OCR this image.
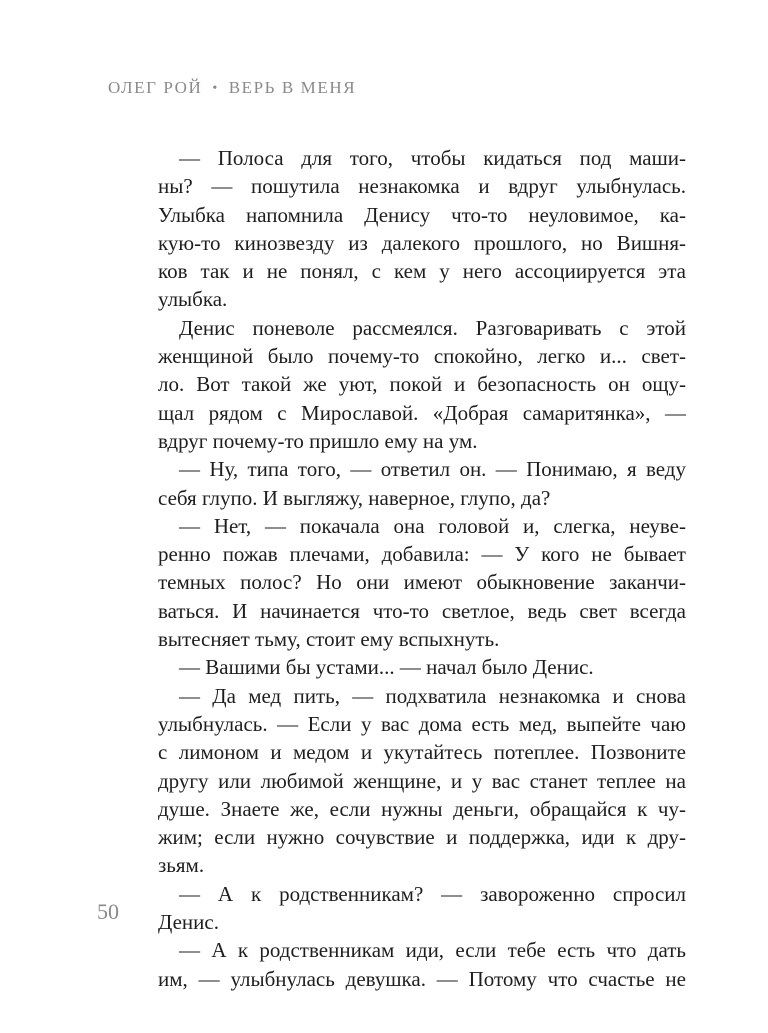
ОЛЕГ РОЙ • ВЕРЬ В МЕНЯ
— Полоса для того, чтобы кидаться под маши-
ны? — пошутила незнакомка и вдруг улыбнулась.
Улыбка напомнила Денису что-то неуловимое, ка-
кую-то кинозвезду из далекого прошлого, но Вишня-
ков так и не понял, с кем у него ассоциируется эта
улыбка.
Денис поневоле рассмеялся. Разговаривать с этой
женщиной было почему-то спокойно, легко и... свет-
ло. Вот такой же уют, покой и безопасность он ощу-
щал рядом с Мирославой. «Добрая самаритянка», —
вдруг почему-то пришло ему на ум.
— Ну, типа того, — ответил он. — Понимаю, я веду
себя глупо. И выгляжу, наверное, глупо, да?
— Нет, — покачала она головой и, слегка, неуве-
ренно пожав плечами, добавила: — У кого не бывает
темных полос? Но они имеют обыкновение заканчи-
ваться. И начинается что-то светлое, ведь свет всегда
вытесняет тьму, стоит ему вспыхнуть.
— Вашими бы устами... — начал было Денис.
— Да мед пить, — подхватила незнакомка и снова
улыбнулась. — Если у вас дома есть мед, выпейте чаю
с лимоном и медом и укутайтесь потеплее. Позвоните
другу или любимой женщине, и у вас станет теплее на
душе. Знаете же, если нужны деньги, обращайся к чу-
жим; если нужно сочувствие и поддержка, иди к дру-
зьям.
— А к родственникам? — завороженно спросил
Денис.
— А к родственникам иди, если тебе есть что дать
им, — улыбнулась девушка. — Потому что счастье не
50
